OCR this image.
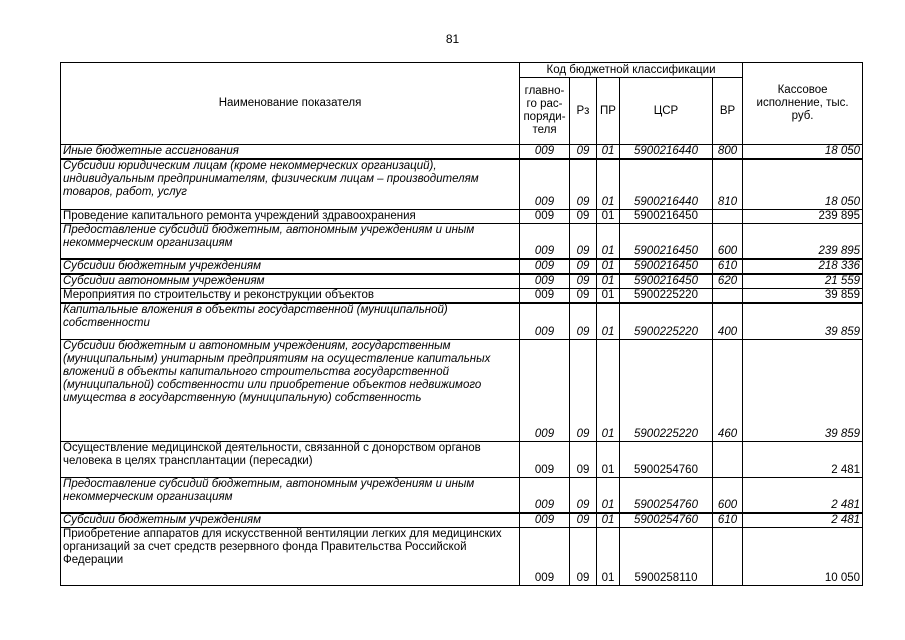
81
Наименование показателя	Код бюджетной классификации					Кассовое исполнение, тыс. руб.
	главно-го рас-поряди-теля	Рз	ПР	ЦСР	ВР	
Иные бюджетные ассигнования	009	09	01	5900216440	800	18 050
Субсидии юридическим лицам (кроме некоммерческих организаций), индивидуальным предпринимателям, физическим лицам – производителям товаров, работ, услуг	009	09	01	5900216440	810	18 050
Проведение капитального ремонта учреждений здравоохранения	009	09	01	5900216450		239 895
Предоставление субсидий бюджетным, автономным учреждениям и иным некоммерческим организациям	009	09	01	5900216450	600	239 895
Субсидии бюджетным учреждениям	009	09	01	5900216450	610	218 336
Субсидии автономным учреждениям	009	09	01	5900216450	620	21 559
Мероприятия по строительству и реконструкции объектов	009	09	01	5900225220		39 859
Капитальные вложения в объекты государственной (муниципальной) собственности	009	09	01	5900225220	400	39 859
Субсидии бюджетным и автономным учреждениям, государственным (муниципальным) унитарным предприятиям на осуществление капитальных вложений в объекты капитального строительства государственной (муниципальной) собственности или приобретение объектов недвижимого имущества в государственную (муниципальную) собственность	009	09	01	5900225220	460	39 859
Осуществление медицинской деятельности, связанной с донорством органов человека в целях трансплантации (пересадки)	009	09	01	5900254760		2 481
Предоставление субсидий бюджетным, автономным учреждениям и иным некоммерческим организациям	009	09	01	5900254760	600	2 481
Субсидии бюджетным учреждениям	009	09	01	5900254760	610	2 481
Приобретение аппаратов для искусственной вентиляции легких для медицинских организаций за счет средств резервного фонда Правительства Российской Федерации	009	09	01	5900258110		10 050
